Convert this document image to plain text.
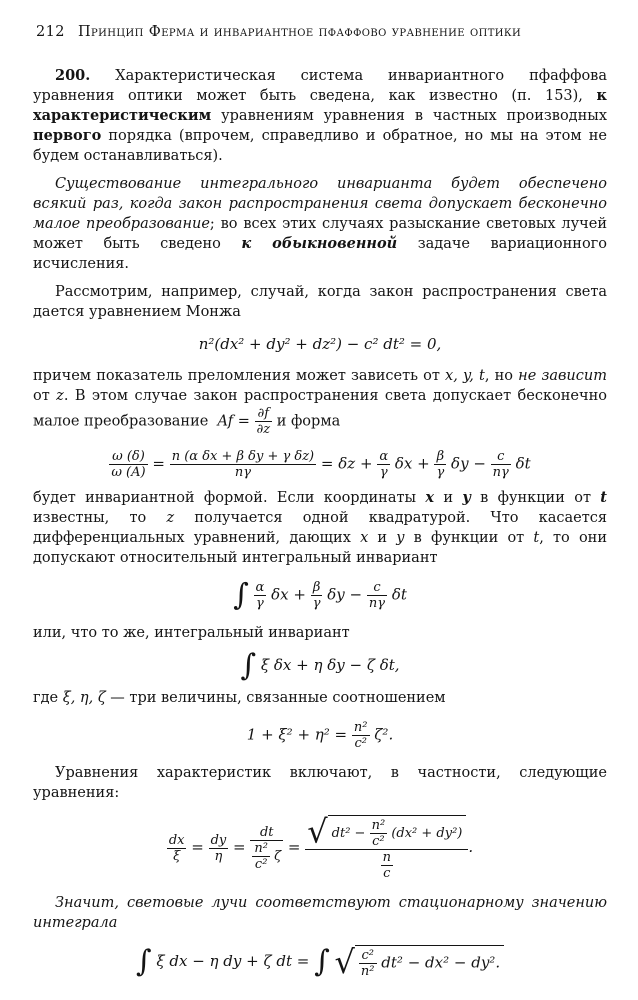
212 Принцип Ферма и инвариантное пфаффово уравнение оптики

200. Характеристическая система инвариантного пфаффова уравнения оптики может быть сведена, как известно (п. 153), к характеристическим уравнениям уравнения в частных производных первого порядка (впрочем, справедливо и обратное, но мы на этом не будем останавливаться).

Существование интегрального инварианта будет обеспечено всякий раз, когда закон распространения света допускает бесконечно малое преобразование; во всех этих случаях разыскание световых лучей может быть сведено к обыкновенной задаче вариационного исчисления.

Рассмотрим, например, случай, когда закон распространения света дается уравнением Монжа

n²(dx² + dy² + dz²) − c² dt² = 0,

причем показатель преломления может зависеть от x, y, t, но не зависит от z. В этом случае закон распространения света допускает бесконечно малое преобразование $Af = \frac{\partial f}{\partial z}$ и форма

$\frac{\omega (\delta)}{\omega (A)} = \frac{\text{n (α δx + β δy + γ δz)}}{n\gamma} = \delta z + \frac{\alpha}{\gamma}$ $\delta x + \frac{\beta}{\gamma}$ $\delta y - \frac{c}{n\gamma}$ δt

будет инвариантной формой. Если координаты x и y в функции от t известны, то z получается одной квадратурой. Что касается дифференциальных уравнений, дающих x и y в функции от t, то они допускают относительный интегральный инвариант

∫ $\frac{\alpha}{\gamma}$ $\delta x + \frac{\beta}{\gamma}$ $\delta y - \frac{c}{n\gamma}$ δt

или, что то же, интегральный инвариант

∫ ξ δx + η δy − ζ δt,

где ξ, η, ζ — три величины, связанные соотношением

$1 + \xi^2 + \eta^2 = \frac{\text{n²}}{\text{c²}} \zeta^2$.

Уравнения характеристик включают, в частности, следующие уравнения:

$\frac{dx}{\xi} = \frac{dy}{\eta} = \frac{dt}{\frac{\text{n²}}{\text{c²}} \zeta} = \frac{√ dt^2 - \frac{\text{n²}}{\text{c²}} (dx^2 + dy^2)}{\frac{n}{c}}$ .

Значит, световые лучи соответствуют стационарному значению интеграла

∫ ξ dx − η dy + ζ dt = ∫ √ $\frac{\text{c²}}{\text{n²}} dt^2 - dx^2 - dy^2$.
